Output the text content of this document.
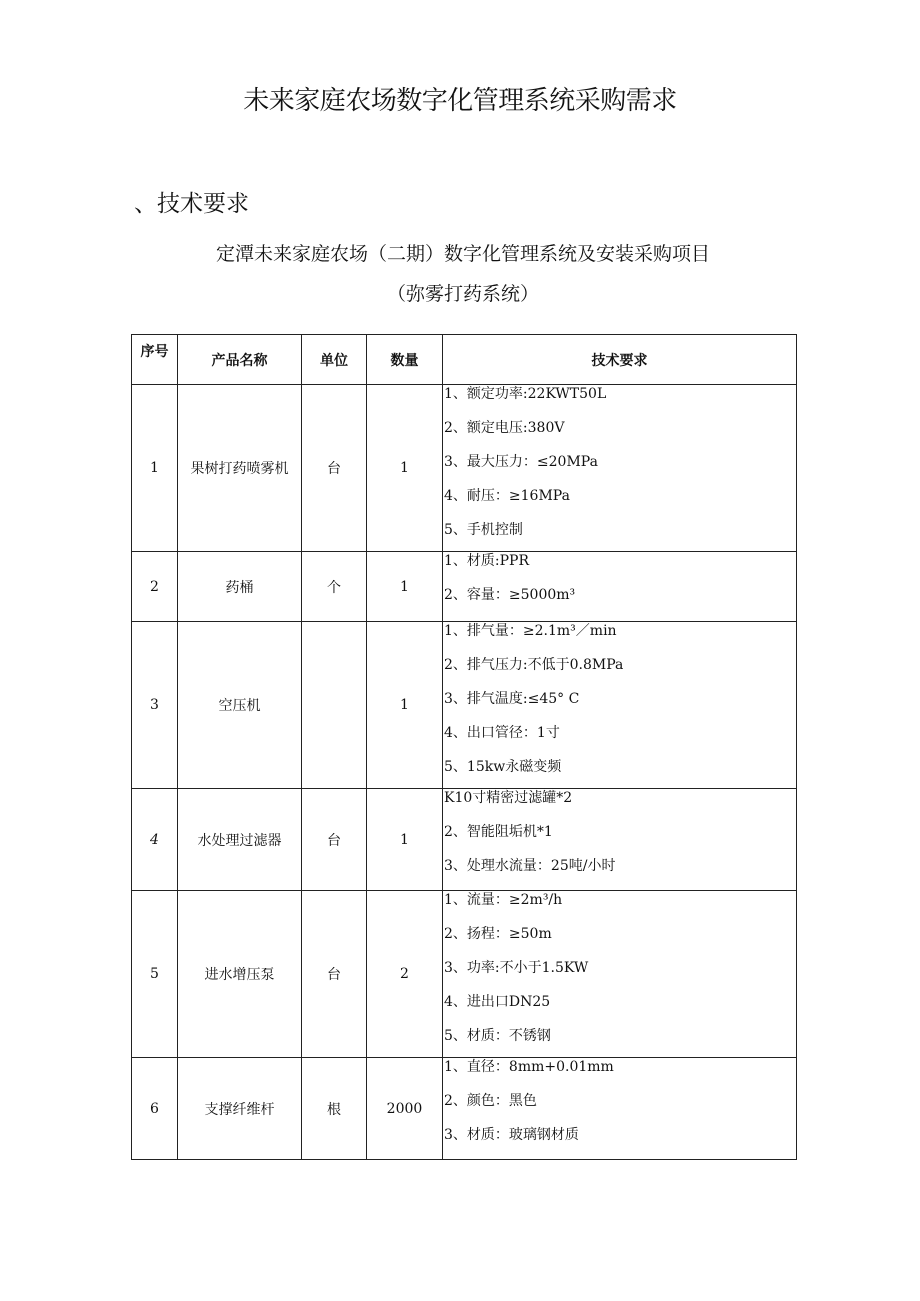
未来家庭农场数字化管理系统采购需求
、技术要求

定潭未来家庭农场（二期）数字化管理系统及安装采购项目

（弥雾打药系统）

序号	产品名称	单位	数量	技术要求
1	果树打药喷雾机	台	1	1、额定功率:22KWT50L
2、额定电压:380V
3、最大压力：≤20MPa
4、耐压：≥16MPa
5、手机控制

2	药桶	个	1	1、材质:PPR
2、容量：≥5000m³

3	空压机		1	1、排气量：≥2.1m³／min
2、排气压力:不低于0.8MPa
3、排气温度:≤45° C
4、出口管径：1寸
5、15kw永磁变频

4	水处理过滤器	台	1	K10寸精密过滤罐*2
2、智能阻垢机*1
3、处理水流量：25吨/小时

5	进水增压泵	台	2	1、流量：≥2m³/h
2、扬程：≥50m
3、功率:不小于1.5KW
4、进出口DN25
5、材质：不锈钢

6	支撑纤维杆	根	2000	1、直径：8mm+0.01mm
2、颜色：黑色
3、材质：玻璃钢材质
